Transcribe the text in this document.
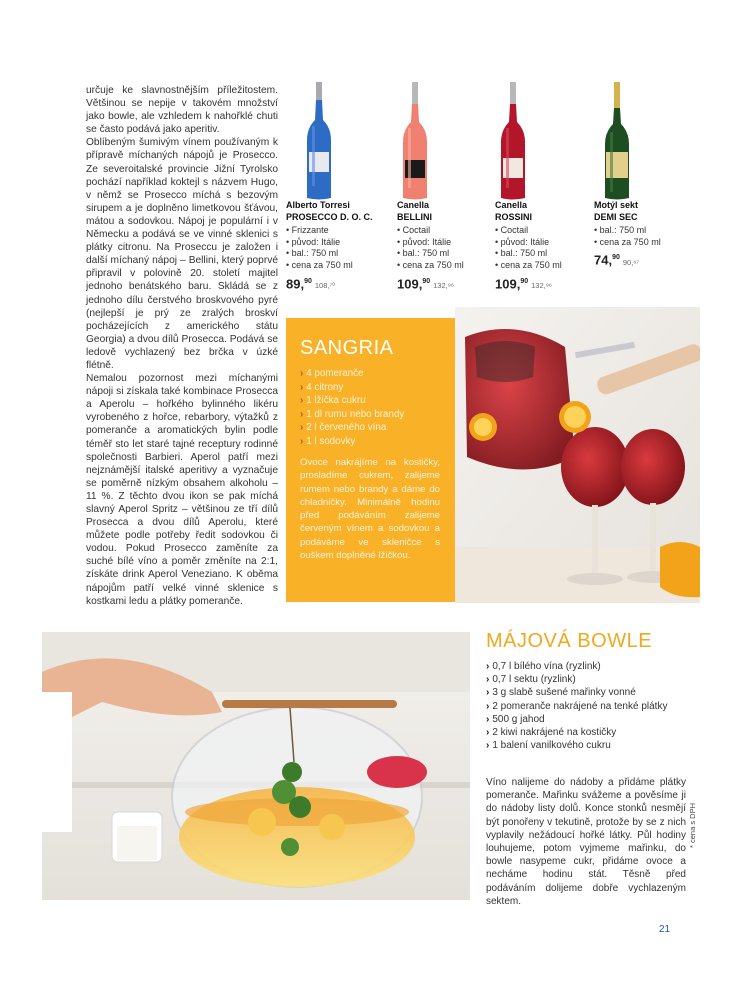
určuje ke slavnostnějším příležitostem. Většinou se nepije v takovém množství jako bowle, ale vzhledem k nahořklé chuti se často podává jako aperitiv.

Oblíbeným šumivým vínem používaným k přípravě míchaných nápojů je Prosecco. Ze severoitalské provincie Jižní Tyrolsko pochází například koktejl s názvem Hugo, v němž se Prosecco míchá s bezovým sirupem a je doplněno limetkovou šťávou, mátou a sodovkou. Nápoj je populární i v Německu a podává se ve vinné sklenici s plátky citronu. Na Proseccu je založen i další míchaný nápoj – Bellini, který poprvé připravil v polovině 20. století majitel jednoho benátského baru. Skládá se z jednoho dílu čerstvého broskvového pyré (nejlepší je prý ze zralých broskví pocházejících z amerického státu Georgia) a dvou dílů Prosecca. Podává se ledově vychlazený bez brčka v úzké flétně.

Nemalou pozornost mezi míchanými nápoji si získala také kombinace Prosecca a Aperolu – hořkého bylinného likéru vyrobeného z hořce, rebarbory, výtažků z pomeranče a aromatických bylin podle téměř sto let staré tajné receptury rodinné společnosti Barbieri. Aperol patří mezi nejznámější italské aperitivy a vyznačuje se poměrně nízkým obsahem alkoholu – 11 %. Z těchto dvou ikon se pak míchá slavný Aperol Spritz – většinou ze tří dílů Prosecca a dvou dílů Aperolu, které můžete podle potřeby ředit sodovkou či vodou. Pokud Prosecco zaměníte za suché bílé víno a poměr změníte na 2:1, získáte drink Aperol Veneziano. K oběma nápojům patří velké vinné sklenice s kostkami ledu a plátky pomeranče.

Alberto Torresi
PROSECCO D. O. C.
• Frizzante
• původ: Itálie
• bal.: 750 ml
• cena za 750 ml
89,90 108,⁷⁰
Canella
BELLINI
• Coctail
• původ: Itálie
• bal.: 750 ml
• cena za 750 ml
109,90 132,⁹⁶
Canella
ROSSINI
• Coctail
• původ: Itálie
• bal.: 750 ml
• cena za 750 ml
109,90 132,⁹⁶
Motýl sekt
DEMI SEC
• bal.: 750 ml
• cena za 750 ml
74,90 90,⁶⁷
SANGRIA
› 4 pomeranče
› 4 citrony
› 1 lžička cukru
› 1 dl rumu nebo brandy
› 2 l červeného vína
› 1 l sodovky
Ovoce nakrájíme na kostičky, prosladíme cukrem, zalijeme rumem nebo brandy a dáme do chladničky. Minimálně hodinu před podáváním zalijeme červeným vínem a sodovkou a podáváme ve skleničce s ouškem doplněné lžičkou.
MÁJOVÁ BOWLE
› 0,7 l bílého vína (ryzlink)
› 0,7 l sektu (ryzlink)
› 3 g slabě sušené mařinky vonné
› 2 pomeranče nakrájené na tenké plátky
› 500 g jahod
› 2 kiwi nakrájené na kostičky
› 1 balení vanilkového cukru
Víno nalijeme do nádoby a přidáme plátky pomeranče. Mařinku svážeme a pověsíme ji do nádoby listy dolů. Konce stonků nesmějí být ponořeny v tekutině, protože by se z nich vyplavily nežádoucí hořké látky. Půl hodiny louhujeme, potom vyjmeme mařinku, do bowle nasypeme cukr, přidáme ovoce a necháme hodinu stát. Těsně před podáváním dolijeme dobře vychlazeným sektem.
* cena s DPH
21
